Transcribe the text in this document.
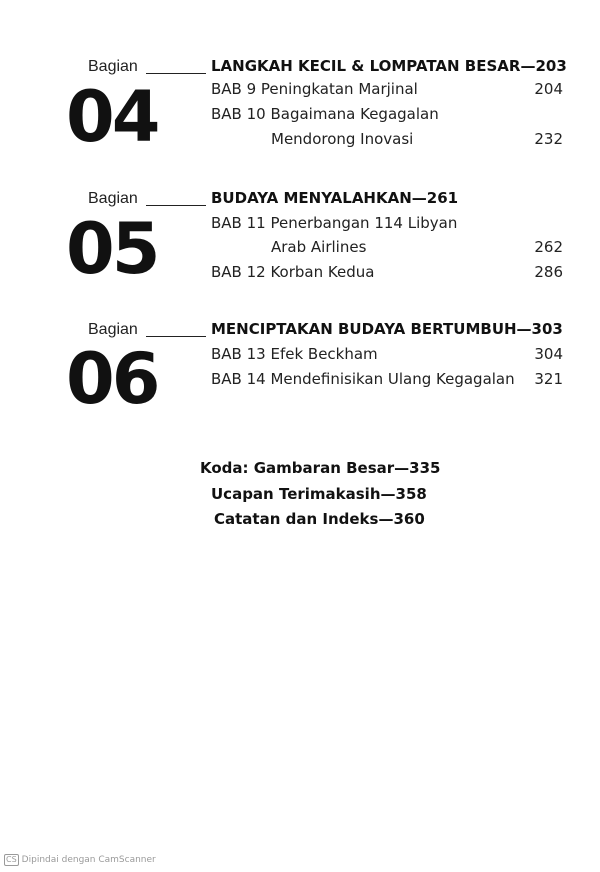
Bagian
04
LANGKAH KECIL & LOMPATAN BESAR—203
BAB 9 Peningkatan Marjinal	204
BAB 10 Bagaimana Kegagalan
Mendorong Inovasi	232
Bagian
05
BUDAYA MENYALAHKAN—261
BAB 11 Penerbangan 114 Libyan
Arab Airlines	262
BAB 12 Korban Kedua	286
Bagian
06
MENCIPTAKAN BUDAYA BERTUMBUH—303
BAB 13 Efek Beckham	304
BAB 14 Mendefinisikan Ulang Kegagalan 321
Koda: Gambaran Besar—335
Ucapan Terimakasih—358
Catatan dan Indeks—360
CS Dipindai dengan CamScanner
